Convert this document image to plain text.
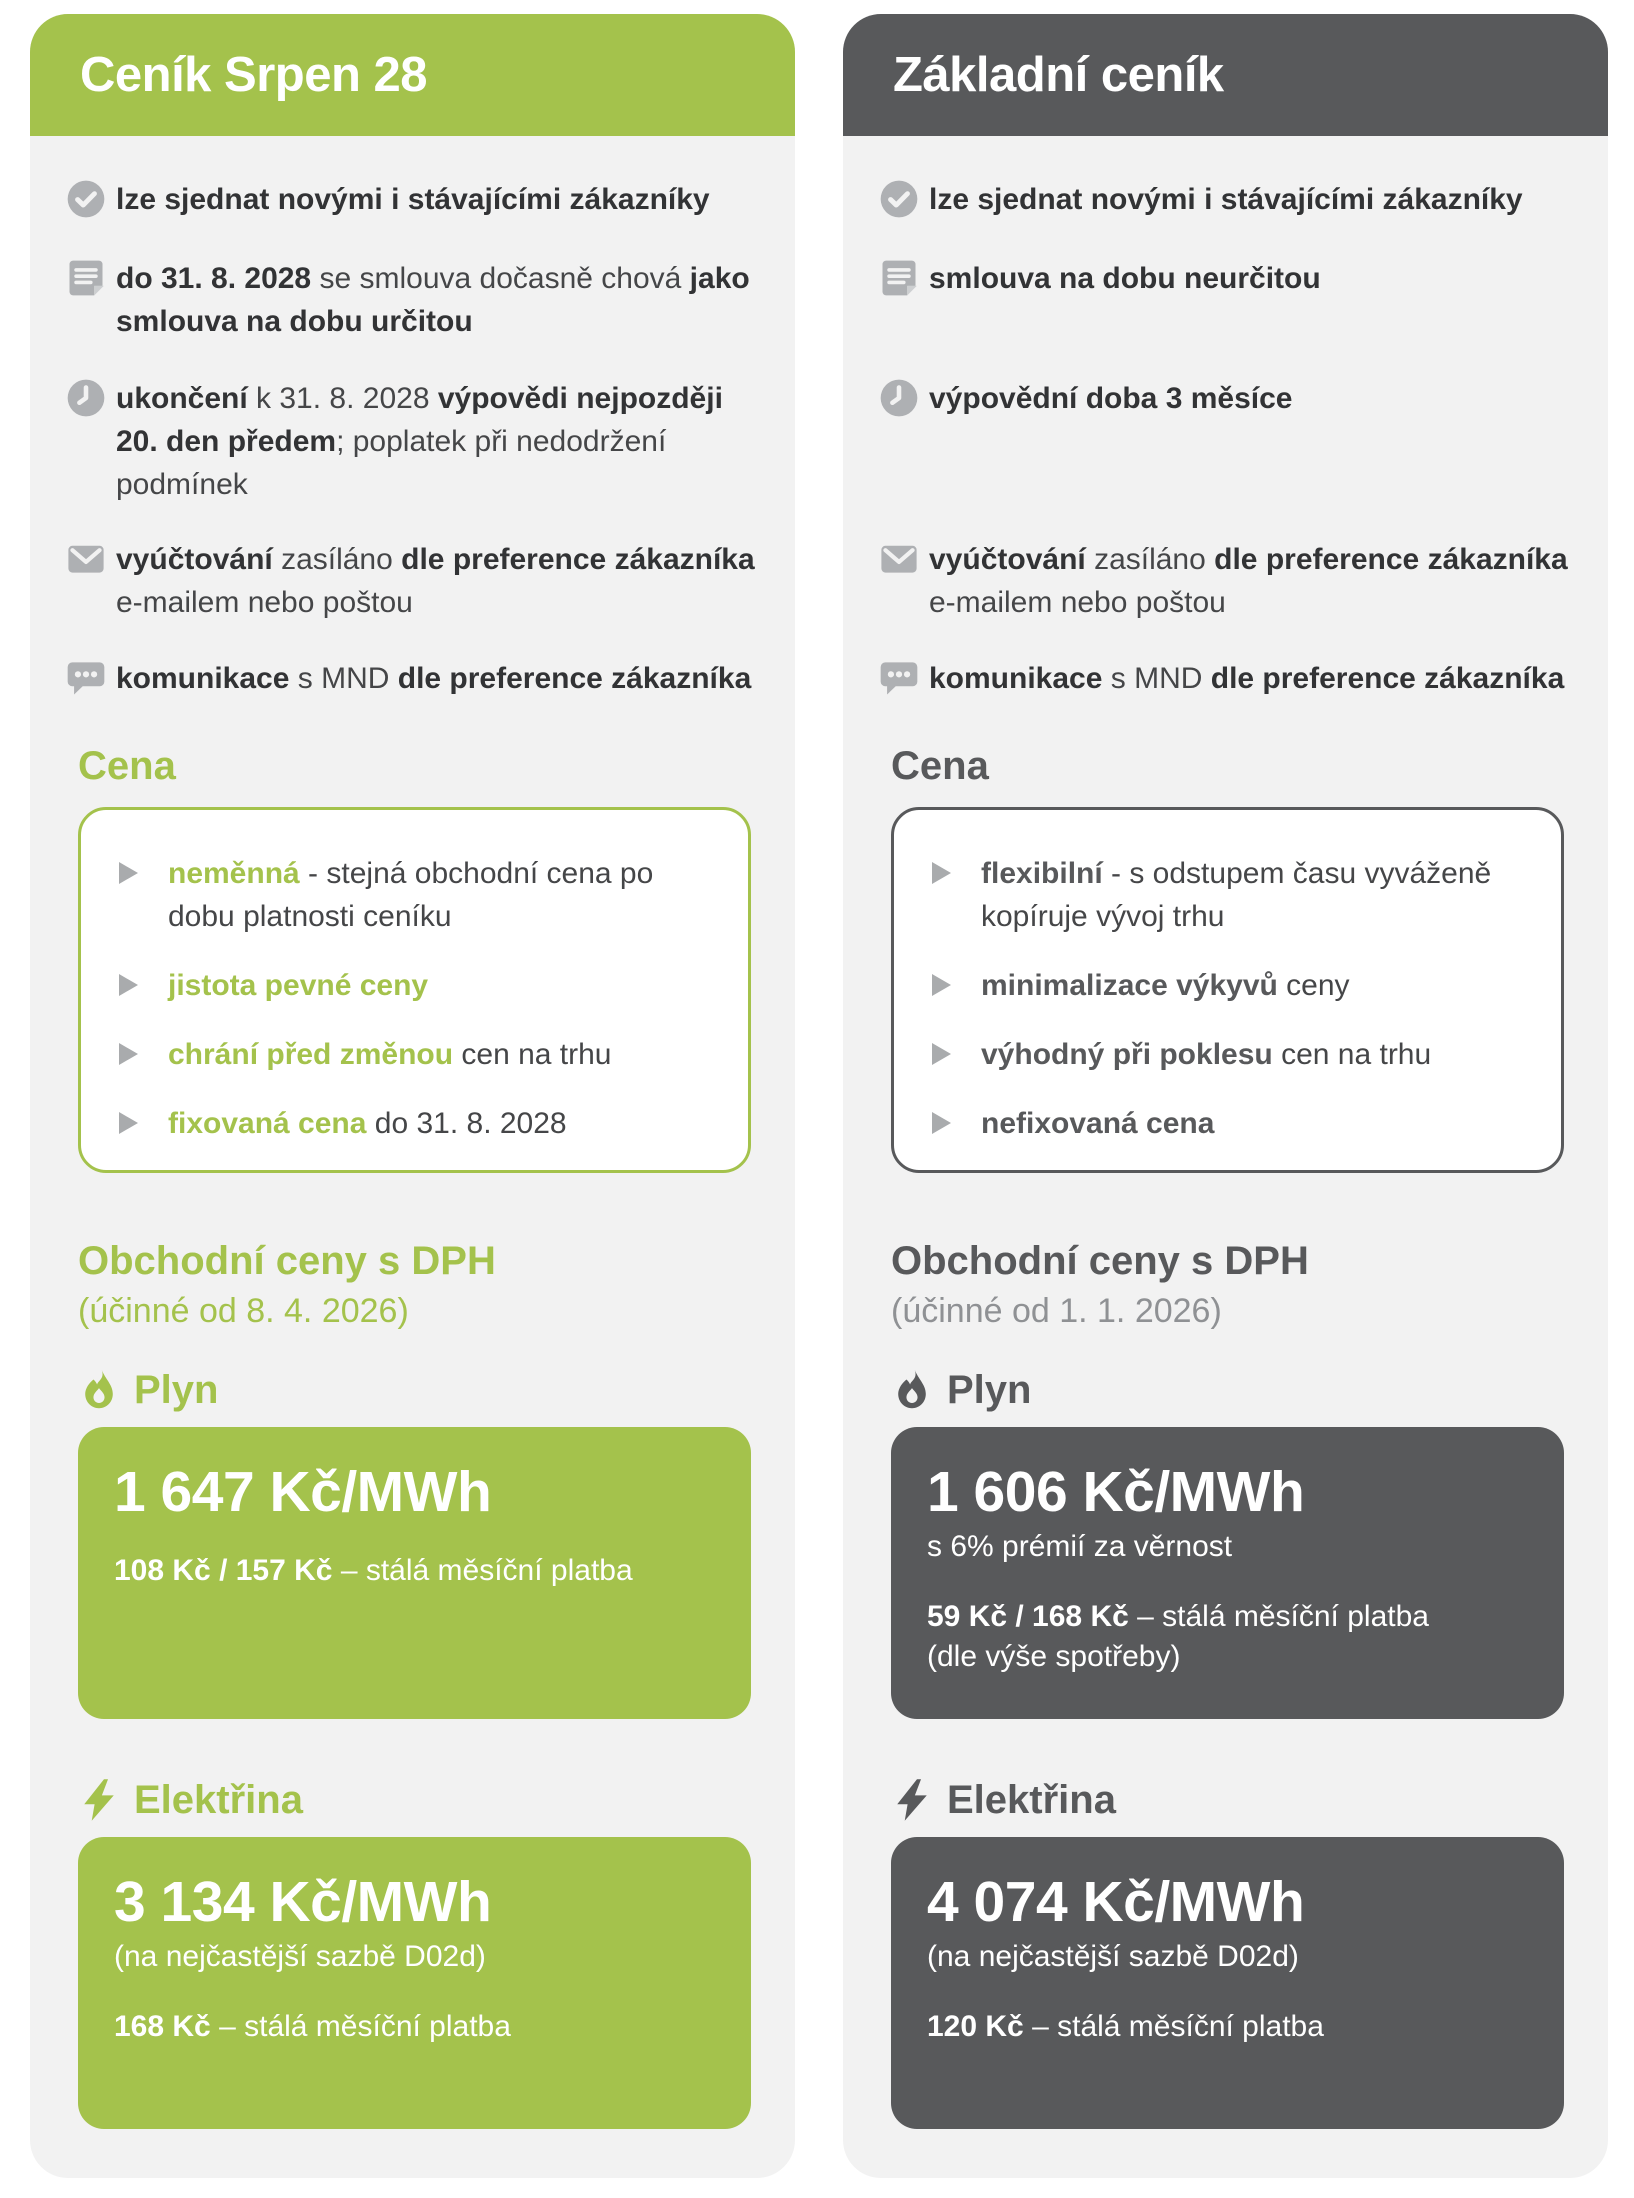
Ceník Srpen 28

lze sjednat novými i stávajícími zákazníky

do 31. 8. 2028 se smlouva dočasně chová jako smlouva na dobu určitou

ukončení k 31. 8. 2028 výpovědi nejpozději 20. den předem; poplatek při nedodržení podmínek

vyúčtování zasíláno dle preference zákazníka e-mailem nebo poštou

komunikace s MND dle preference zákazníka

Cena

neměnná - stejná obchodní cena po dobu platnosti ceníku

jistota pevné ceny

chrání před změnou cen na trhu

fixovaná cena do 31. 8. 2028

Obchodní ceny s DPH
(účinné od 8. 4. 2026)
Plyn
1 647 Kč/MWh

108 Kč / 157 Kč – stálá měsíční platba

Elektřina
3 134 Kč/MWh
(na nejčastější sazbě D02d)

168 Kč – stálá měsíční platba

Základní ceník

lze sjednat novými i stávajícími zákazníky

smlouva na dobu neurčitou

výpovědní doba 3 měsíce

vyúčtování zasíláno dle preference zákazníka e-mailem nebo poštou

komunikace s MND dle preference zákazníka

Cena

flexibilní - s odstupem času vyváženě kopíruje vývoj trhu

minimalizace výkyvů ceny

výhodný při poklesu cen na trhu

nefixovaná cena

Obchodní ceny s DPH
(účinné od 1. 1. 2026)
Plyn
1 606 Kč/MWh
s 6% prémií za věrnost

59 Kč / 168 Kč – stálá měsíční platba

(dle výše spotřeby)
Elektřina
4 074 Kč/MWh
(na nejčastější sazbě D02d)

120 Kč – stálá měsíční platba
